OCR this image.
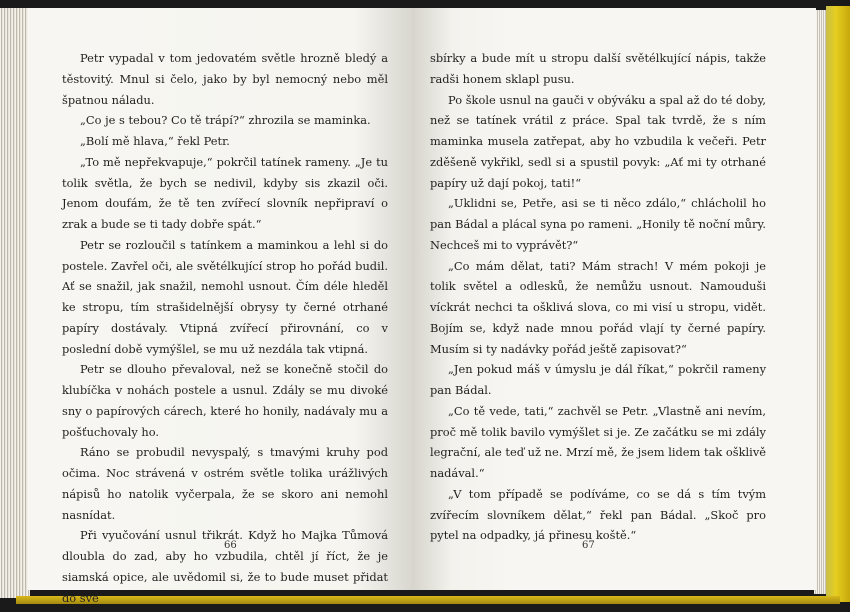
Petr vypadal v tom jedovatém světle hrozně bledý a těstovitý. Mnul si čelo, jako by byl nemocný nebo měl špatnou náladu.

„Co je s tebou? Co tě trápí?“ zhrozila se maminka.

„Bolí mě hlava,“ řekl Petr.

„To mě nepřekvapuje,“ pokrčil tatínek rameny. „Je tu tolik světla, že bych se nedivil, kdyby sis zkazil oči. Jenom doufám, že tě ten zvířecí slovník nepřipraví o zrak a bude se ti tady dobře spát.“

Petr se rozloučil s tatínkem a maminkou a lehl si do postele. Zavřel oči, ale světélkující strop ho pořád budil. Ať se snažil, jak snažil, nemohl usnout. Čím déle hleděl ke stropu, tím strašidelnější obrysy ty černé otrhané papíry dostávaly. Vtipná zvířecí přirovnání, co v poslední době vymýšlel, se mu už nezdála tak vtipná.

Petr se dlouho převaloval, než se konečně stočil do klubíčka v nohách postele a usnul. Zdály se mu divoké sny o papírových cárech, které ho honily, nadávaly mu a pošťuchovaly ho.

Ráno se probudil nevyspalý, s tmavými kruhy pod očima. Noc strávená v ostrém světle tolika urážlivých nápisů ho natolik vyčerpala, že se skoro ani nemohl nasnídat.

Při vyučování usnul třikrát. Když ho Majka Tůmová dloubla do zad, aby ho vzbudila, chtěl jí říct, že je siamská opice, ale uvědomil si, že to bude muset přidat do své

66

sbírky a bude mít u stropu další světélkující nápis, takže radši honem sklapl pusu.

Po škole usnul na gauči v obýváku a spal až do té doby, než se tatínek vrátil z práce. Spal tak tvrdě, že s ním maminka musela zatřepat, aby ho vzbudila k večeři. Petr zděšeně vykřikl, sedl si a spustil povyk: „Ať mi ty otrhané papíry už dají pokoj, tati!“

„Uklidni se, Petře, asi se ti něco zdálo,“ chlácholil ho pan Bádal a plácal syna po rameni. „Honily tě noční můry. Nechceš mi to vyprávět?“

„Co mám dělat, tati? Mám strach! V mém pokoji je tolik světel a odlesků, že nemůžu usnout. Namouduši víckrát nechci ta ošklivá slova, co mi visí u stropu, vidět. Bojím se, když nade mnou pořád vlají ty černé papíry. Musím si ty nadávky pořád ještě zapisovat?“

„Jen pokud máš v úmyslu je dál říkat,“ pokrčil rameny pan Bádal.

„Co tě vede, tati,“ zachvěl se Petr. „Vlastně ani nevím, proč mě tolik bavilo vymýšlet si je. Ze začátku se mi zdály legrační, ale teď už ne. Mrzí mě, že jsem lidem tak ošklivě nadával.“

„V tom případě se podíváme, co se dá s tím tvým zvířecím slovníkem dělat,“ řekl pan Bádal. „Skoč pro pytel na odpadky, já přinesu koště.“

67
